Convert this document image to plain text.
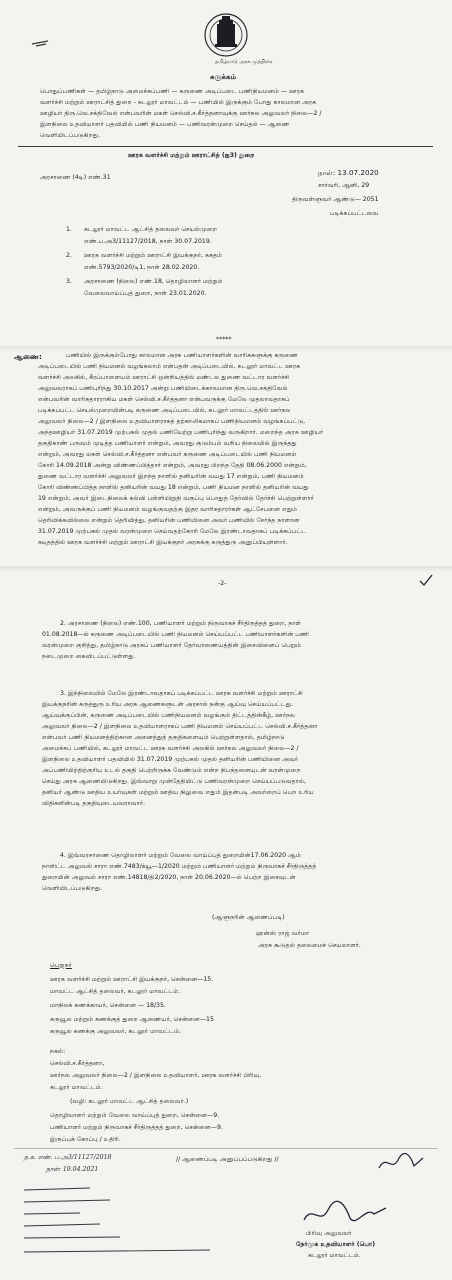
தமிழ்நாடு அரசு முத்திரை
சுருக்கம்
பொதுப்பணிகள் — தமிழ்நாடு அமைச்சுப்பணி — கருணை அடிப்படை பணிநியமனம் — ஊரக
வளர்ச்சி மற்றும் ஊராட்சித் துறை - கடலூர் மாவட்டம் — பணியில் இருக்கும் போது காலமான அரசு
ஊழியர் திரு.வெ.சக்திவேல் என்பவரின் மகள் செல்வி.ச.கீர்த்தனாவுக்கு ஊர்நல அலுவலர் நிலை—2 /
இளநிலை உதவியாளர் பதவியில் பணி நியமனம் — பணிவரன்முறை செய்தல் — ஆணை
வெளியிடப்படுகிறது.
ஊரக வளர்ச்சி மற்றும் ஊராட்சித் (ஐ3) துறை
அரசாணை (4டி) எண்.31
நாள்: 13.07.2020
சார்வரி, ஆனி, 29
திருவள்ளுவர் ஆண்டு— 2051
படிக்கப்பட்டவை
1. கடலூர் மாவட்ட ஆட்சித் தலைவர் செயல்முறை
எண்.ப.அ3/11127/2018, நாள் 30.07.2019.
2. ஊரக வளர்ச்சி மற்றும் ஊராட்சி இயக்குநர், சுகதம்
எண்.5793/2020/டி1, நாள் 28.02.2020.
3. அரசாணை (நிலை) எண்.18, தொழிலாளர் மற்றும்
வேலைவாய்ப்புத் துறை, நாள் 23.01.2020.
*****
ஆணை:	பணியில் இருக்கும்போது காலமான அரசு பணியாளர்களின் வாரிசுகளுக்கு கருணை
அடிப்படையில் பணி நியமனம் வழங்கலாம் என்பதன் அடிப்படையில், கடலூர் மாவட்ட ஊரக
வளர்ச்சி அலகில், கீரப்பாளையம் ஊராட்சி ஒன்றியத்தில் மண்டல துணை வட்டார வளர்ச்சி
அலுவலராகப் பணிபுரிந்து 30.10.2017 அன்று பணியிடைக்காலமான திரு.வெ.சக்திவேல்
என்பவரின் வாரிசுதாரராகிய மகள் செல்வி.ச.கீர்த்தனா என்பவருக்கு மேலே முதலாவதாகப்
படிக்கப்பட்ட செயல்முறையின்படி கருணை அடிப்படையில், கடலூர் மாவட்டத்தில் ஊர்நல
அலுவலர் நிலை—2 / இளநிலை உதவியாளராகத் தற்காலிகமாகப் பணிநியமனம் வழங்கப்பட்டு,
அந்தஊழியர் 31.07.2019 முற்பகல் முதல் பணியேற்று பணிபுரிந்து வருகிறார். மறைந்த அரசு ஊழியர்
தகுதிகாண் பருவம் முடித்த பணியாளர் என்றும், அவரது குடும்பம் வறிய நிலையில் இருந்தது
என்றும், அவரது மகள் செல்வி.ச.கீர்த்தனா என்பவர் கருணை அடிப்படையில் பணி நியமனம்
கோரி 14.09.2018 அன்று விண்ணப்பித்தார் என்றும், அவரது பிறந்த தேதி 08.06.2000 என்றும்,
துணை வட்டார வளர்ச்சி அலுவலர் இறந்த நாளில் தனியரின் வயது 17 என்றும், பணி நியமனம்
கோரி விண்ணப்பித்த நாளில் தனியரின் வயது 18 என்றும், பணி நியமன நாளில் தனியரின் வயது
19 என்றும், அவர் இடைநிலைக் கல்வி பள்ளியிறுதி வகுப்பு பொதுத் தேர்வில் தேர்ச்சி பெற்றுள்ளார்
என்றும், அவருக்குப் பணி நியமனம் வழங்குவதற்கு இதர வாரிசுதாரர்கள் ஆட்சேபனை எதும்
தெரிவிக்கவில்லை என்றும் தெரிவித்து, தனியரின் பணியினை அவர் பணியில் சேர்ந்த நாளான
31.07.2019 முற்பகல் முதல் வரன்முறை செய்வதற்கோரி மேலே இரண்டாவதாகப் படிக்கப்பட்ட
கடிதத்தில் ஊரக வளர்ச்சி மற்றும் ஊராட்சி இயக்குநர் அரசுக்கு கருத்துரு அனுப்பியுள்ளார்.
-2-
2. அரசாணை (நிலை) எண்.100, பணியாளர் மற்றும் நிருவாகச் சீர்திருத்தத் துறை, நாள்
01.08.2018—ல் கருணை அடிப்படையில் பணி நியமனம் செய்யப்பட்ட பணியாளர்களின் பணி
வரன்முறை குறித்து, தமிழ்நாடு அரசுப் பணியாளர் தேர்வாணையத்தின் இசைவினைப் பெறும்
நடைமுறை கைவிடப்பட்டுள்ளது.
3. இந்நிலையில் மேலே இரண்டாவதாகப் படிக்கப்பட்ட ஊரக வளர்ச்சி மற்றும் ஊராட்சி
இயக்குநரின் கருத்துரு உரிய அரசு ஆணைகளுடன் அரசால் நன்கு ஆய்வு செய்யப்பட்டது.
ஆய்வுக்குப்பின், கருணை அடிப்படையில் பணிநியமனம் வழங்கும் திட்டத்தின்கீழ், ஊர்நல
அலுவலர் நிலை—2 / இளநிலை உதவியாளராகப் பணி நியமனம் செய்யப்பட்ட செல்வி.ச.கீர்த்தனா
என்பவர் பணி நியமனத்திற்கான அனைத்துத் தகுதிகளையும் பெற்றுள்ளதால், தமிழ்நாடு
அமைச்சுப் பணியில், கடலூர் மாவட்ட ஊரக வளர்ச்சி அலகில் ஊர்நல அலுவலர் நிலை—2 /
இளநிலை உதவியாளர் பதவியில் 31.07.2019 முற்பகல் முதல் தனியரின் பணியினை அவர்
அப்பணியிற்திற்குரிய உடல் தகுதி பெற்றிருக்க வேண்டும் என்ற நிபந்தனையுடன் வரன்முறை
செய்து அரசு ஆணையிடுகிறது. இவ்வாறு முன்தேதியிட்டு பணிவரன்முறை செய்யப்படுவதால்,
தனியர் ஆண்டு ஊதிய உயர்வுகள் மற்றும் ஊதிய நிலுவை எதும் இதன்படி அவர்றைப் பெற உரிய
விதிகளின்படி தகுதியுடையவராவார்.
4. இவ்வரசாணை தொழிலாளர் மற்றும் வேலை வாய்ப்புத் துறையின்17.06.2020 ஆம்
நாளிட்ட அலுவல் சாரா எண்.7483/க்யூ—1/2020 மற்றும் பணியாளர் மற்றும் நிருவாகச் சீர்திருத்தத்
துறையின் அலுவல் சாரா எண்.14818/தி2/2020, நாள் 20.06.2020—ல் பெற்ற இசைவுடன்
வெளியிடப்படுகிறது.
(ஆளுநரின் ஆணைப்படி)
ஹன்ஸ் ராஜ் வர்மா
அரசு கூடுதல் தலைமைச் செயலாளர்.
பெறுநர்
ஊரக வளர்ச்சி மற்றும் ஊராட்சி இயக்குநர், சென்னை—15.
மாவட்ட ஆட்சித் தலைவர், கடலூர் மாவட்டம்.
மாநிலக் கணக்காயர், சென்னை — 18/35.
கருவூல மற்றும் கணக்குத் துறை ஆணையர், சென்னை—15
கருவூல கணக்கு அலுவலர், கடலூர் மாவட்டம்.
நகல்:
செல்வி.ச.கீர்த்தனா,
ஊர்நல அலுவலர் நிலை—2 / இளநிலை உதவியாளர், ஊரக வளர்ச்சி பிரிவு,
கடலூர் மாவட்டம்.
(வழி: கடலூர் மாவட்ட ஆட்சித் தலைவர்.)
தொழிலாளர் மற்றும் வேலை வாய்ப்புத் துறை, சென்னை—9.
பணியாளர் மற்றும் நிருவாகச் சீர்திருத்தத் துறை, சென்னை—9.
இருப்புக் கோப்பு / உதிரி.
ந.க. எண். ப.அ3/11127/2018
நாள்: 19.04.2021
// ஆணைப்படி அனுப்பப்படுகிறது //
பிரிவு அலுவலர்
நேர்முக உதவியாளர் (பொ)
கடலூர் மாவட்டம்.
